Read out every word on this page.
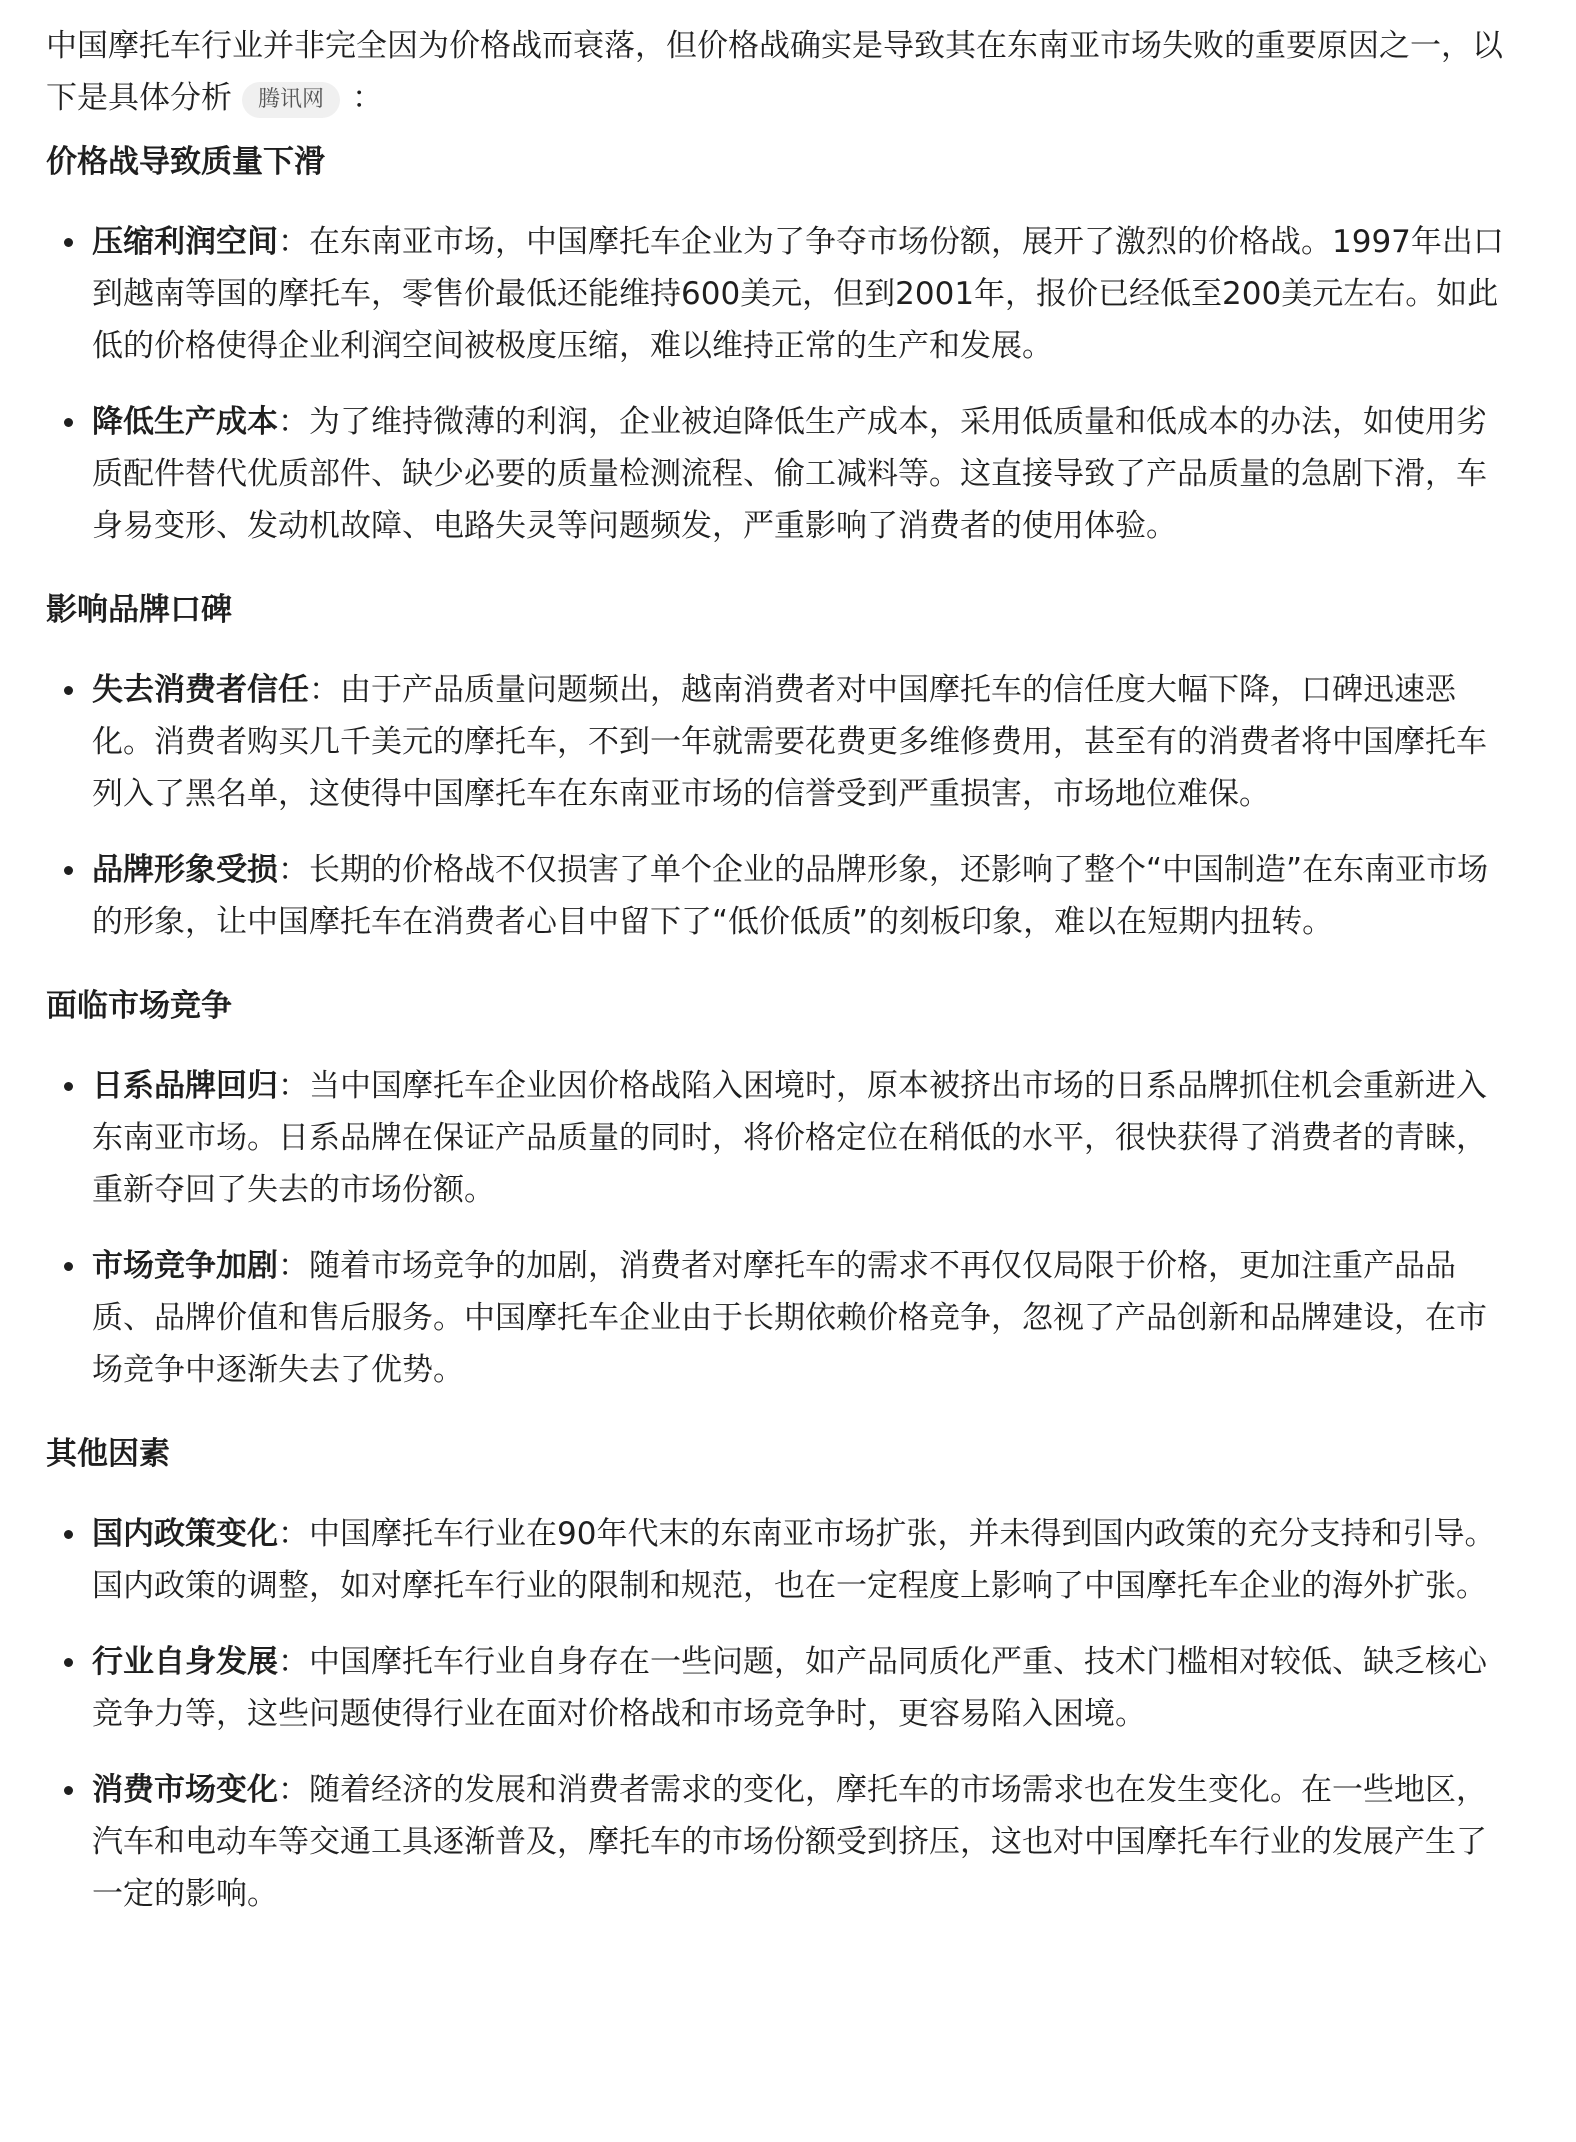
中国摩托车行业并非完全因为价格战而衰落，但价格战确实是导致其在东南亚市场失败的重要原因之一，以下是具体分析 腾讯网 ：

价格战导致质量下滑
压缩利润空间：在东南亚市场，中国摩托车企业为了争夺市场份额，展开了激烈的价格战。1997年出口到越南等国的摩托车，零售价最低还能维持600美元，但到2001年，报价已经低至200美元左右。如此低的价格使得企业利润空间被极度压缩，难以维持正常的生产和发展。
降低生产成本：为了维持微薄的利润，企业被迫降低生产成本，采用低质量和低成本的办法，如使用劣质配件替代优质部件、缺少必要的质量检测流程、偷工减料等。这直接导致了产品质量的急剧下滑，车身易变形、发动机故障、电路失灵等问题频发，严重影响了消费者的使用体验。
影响品牌口碑
失去消费者信任：由于产品质量问题频出，越南消费者对中国摩托车的信任度大幅下降，口碑迅速恶化。消费者购买几千美元的摩托车，不到一年就需要花费更多维修费用，甚至有的消费者将中国摩托车列入了黑名单，这使得中国摩托车在东南亚市场的信誉受到严重损害，市场地位难保。
品牌形象受损：长期的价格战不仅损害了单个企业的品牌形象，还影响了整个“中国制造”在东南亚市场的形象，让中国摩托车在消费者心目中留下了“低价低质”的刻板印象，难以在短期内扭转。
面临市场竞争
日系品牌回归：当中国摩托车企业因价格战陷入困境时，原本被挤出市场的日系品牌抓住机会重新进入东南亚市场。日系品牌在保证产品质量的同时，将价格定位在稍低的水平，很快获得了消费者的青睐，重新夺回了失去的市场份额。
市场竞争加剧：随着市场竞争的加剧，消费者对摩托车的需求不再仅仅局限于价格，更加注重产品品质、品牌价值和售后服务。中国摩托车企业由于长期依赖价格竞争，忽视了产品创新和品牌建设，在市场竞争中逐渐失去了优势。
其他因素
国内政策变化：中国摩托车行业在90年代末的东南亚市场扩张，并未得到国内政策的充分支持和引导。国内政策的调整，如对摩托车行业的限制和规范，也在一定程度上影响了中国摩托车企业的海外扩张。
行业自身发展：中国摩托车行业自身存在一些问题，如产品同质化严重、技术门槛相对较低、缺乏核心竞争力等，这些问题使得行业在面对价格战和市场竞争时，更容易陷入困境。
消费市场变化：随着经济的发展和消费者需求的变化，摩托车的市场需求也在发生变化。在一些地区，汽车和电动车等交通工具逐渐普及，摩托车的市场份额受到挤压，这也对中国摩托车行业的发展产生了一定的影响。
